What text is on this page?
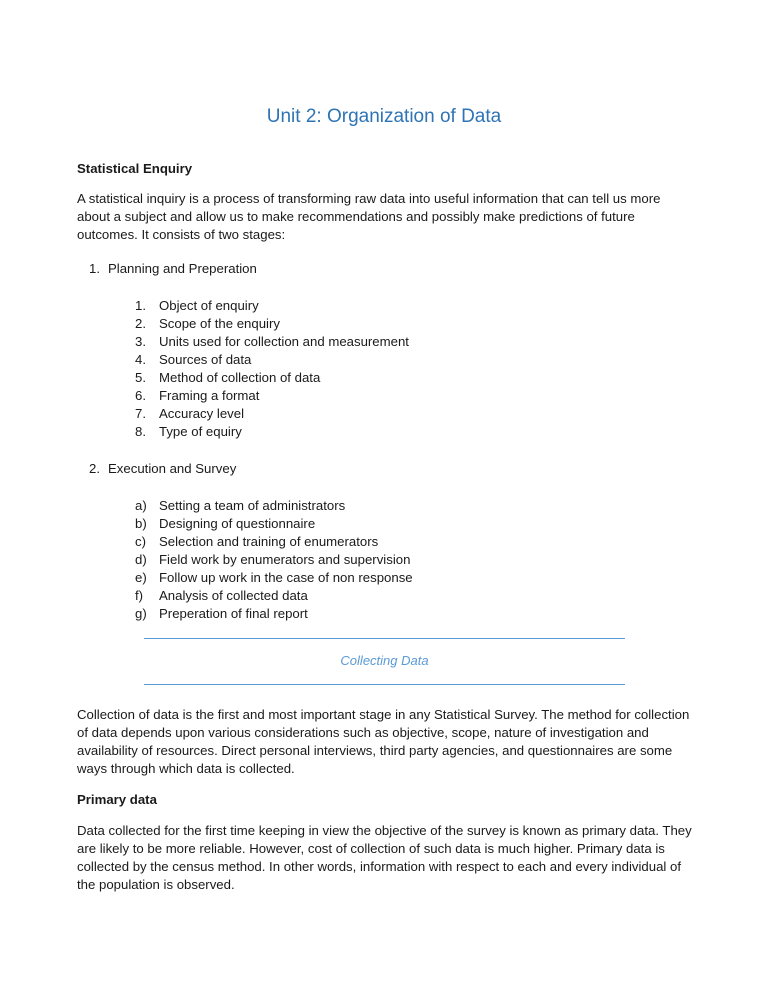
Unit 2: Organization of Data

Statistical Enquiry

A statistical inquiry is a process of transforming raw data into useful information that can tell us more about a subject and allow us to make recommendations and possibly make predictions of future outcomes. It consists of two stages:

1. Planning and Preperation
1. Object of enquiry
2. Scope of the enquiry
3. Units used for collection and measurement
4. Sources of data
5. Method of collection of data
6. Framing a format
7. Accuracy level
8. Type of equiry
2. Execution and Survey
a) Setting a team of administrators
b) Designing of questionnaire
c) Selection and training of enumerators
d) Field work by enumerators and supervision
e) Follow up work in the case of non response
f) Analysis of collected data
g) Preperation of final report
Collecting Data

Collection of data is the first and most important stage in any Statistical Survey. The method for collection of data depends upon various considerations such as objective, scope, nature of investigation and availability of resources. Direct personal interviews, third party agencies, and questionnaires are some ways through which data is collected.

Primary data

Data collected for the first time keeping in view the objective of the survey is known as primary data. They are likely to be more reliable. However, cost of collection of such data is much higher. Primary data is collected by the census method. In other words, information with respect to each and every individual of the population is observed.
